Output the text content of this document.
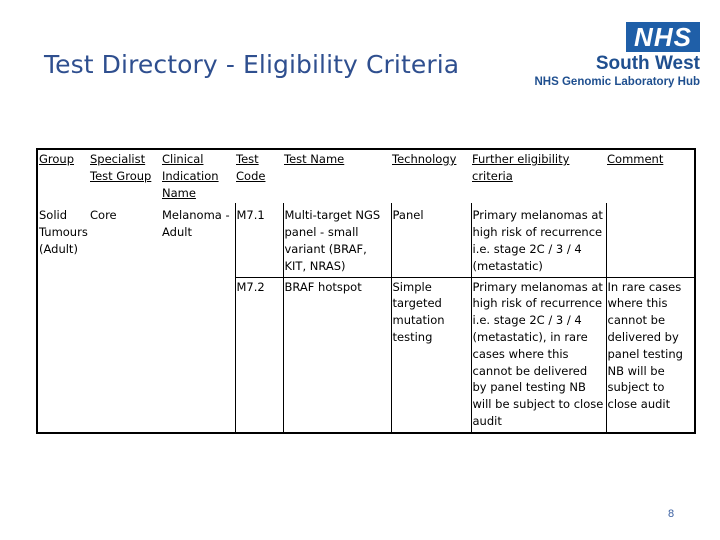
Test Directory - Eligibility Criteria
NHS
South West
NHS Genomic Laboratory Hub
Group	Specialist Test Group	Clinical Indication Name	Test Code	Test Name	Technology	Further eligibility criteria	Comment
Solid Tumours (Adult)	Core	Melanoma - Adult	M7.1	Multi-target NGS panel - small variant (BRAF, KIT, NRAS)	Panel	Primary melanomas at high risk of recurrence i.e. stage 2C / 3 / 4 (metastatic)	
			M7.2	BRAF hotspot	Simple targeted mutation testing	Primary melanomas at high risk of recurrence i.e. stage 2C / 3 / 4 (metastatic), in rare cases where this cannot be delivered by panel testing NB will be subject to close audit	In rare cases where this cannot be delivered by panel testing NB will be subject to close audit
8
